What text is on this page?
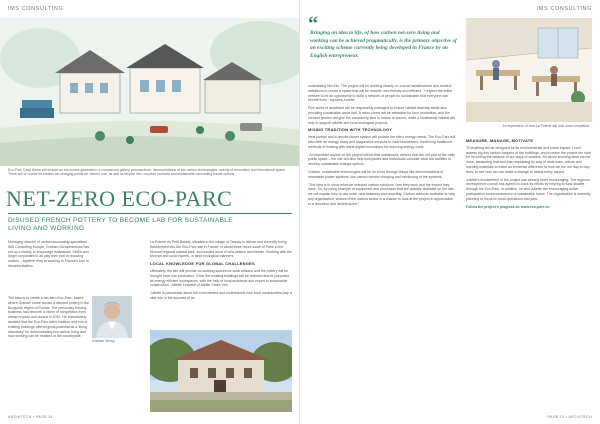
IMS CONSULTING
Eco-Parc Carpi Home will include an eco power generation, a commercial gallery, permaculture, demonstrations of low carbon technologies, activity of renovation and educational space. There will of course be electric car charging points for visitors' use, as well as bicycle hire, recycled products and sustainable commuting transit options.
NET-ZERO ECO-PARC
DISUSED FRENCH POTTERY TO BECOME LAB FOR SUSTAINABLE LIVING AND WORKING

Managing director of carbon accounting specialists IMS Consulting Europe, Graham Schopmeeuws has set up a charity to encourage individuals, SMEs and larger corporates to all play their part in reducing carbon – together they're working to France's tum to decarbonisation.

The idea is to create a net-zero Eco-Parc, based where Graham came across a disused pottery in the Burgundy region of France. The previously thriving business had become a victim of competition from cheap imports and closed in 2010. He immediately decided that the Eco-Parc site's location and mix of existing buildings offered great potential as a 'living laboratory' for demonstrating low carbon living and how working can be realised in the countryside.

Graham Sinagi

La Poterie du Petit Bassat, situated in the village of Tannay in Nièvre and currently being transformed into the Eco-Parc site in France, is about three hours south of Paris in the Morvan regional natural park, surrounded once of wild-daisies and forests. Working with the Morvan and local experts, in strict ecological manners.

LOCAL KNOWLEDGE FOR GLOBAL CHALLENGES

Ultimately, the site will provide co-working spaces for local artisans and the pottery will be brought back into production. Once the existing buildings will be restored and re-purposed as energy efficient workspaces, with the help of local architects and expert in sustainable construction. Juliette Lesueuil of Atelier Claire Vrin.

Juliette is passionate about the environment and understands how local communities play a vital role in the success of an

ARCHITECH • PAGE 14
IMS CONSULTING
“
Bringing an idea to life, of how carbon net-zero living and working can be achieved pragmatically, is the primary objective of an exciting scheme currently being developed in France by an English entrepreneur.
An impression of how La Poterie will look once completed.

undertaking like this. The project will be working closely on a local handbrochure and student invitations to create a space that will be durable, eco-friendly and efficient. "I expect the entire venture to be an opportunity to build a network of people for sustainable that everyone can benefit from," explains Juliette.

Five acres of woodland will be responsibly managed to ensure habitat diversity whilst also providing sustainable wood fuel. A micro-forest will be attractive for food production, and the orchard garden will give the community time in nature to source, while a biodiversity habitat will help to support wildlife and local ecological projects.

MIXING TRADITION WITH TECHNOLOGY

Heat pumps and a remote power system will provide the site's energy needs. The Eco-Parc will also offer an energy study and diagnostics services to local businesses, combining traditional methods of heating with latest digital innovations for reducing energy costs.

"An important aspect on the project will be that sustainable centres that are not part of the main public space – the site will also help companies and individuals consider what lab facilities to develop sustainable change options.

Outside, sustainable technologies will be on show through things like demonstrations of renewable power systems, low-carbon vehicle charging and monitoring of the systems.

"The idea is to show what we selected carbon solutions, how they work and the impact they have. So, by using example of equipment and processes that are actually available on the site, we will explain how to use solar, new business and recycling. Carbon advisors available to help any organisation, visitors of the carbon sector is a chance to look at the project in appreciation to a reduction and decent-sized."

MEASURE, MANAGE, MOTIVATE

"Everything will be designed for its environmental and social impact. I can't assess big this carbon footprint of the buildings, and to make the project the start for recording the balance of our ways of workers. It's about showing what can be done, measuring that and then explaining by way of what uses, videos and learning materials to make an immense difference to how we run our day-to-day lives; to see how we can make a change to nearly every aspect.

Juliette's involvement in the project has already been encouraging. The regional development council has agreed to back its efforts by helping to fund studies through the Eco-Parc. In addition, he and Juliette are encouraging active participation and investment in a sustainable future. The organisation is currently planning to focus on local operations and jobs.

Follow the project's progress at: www.eco-parc.eu

PAGE 15 • ARCHITECH
